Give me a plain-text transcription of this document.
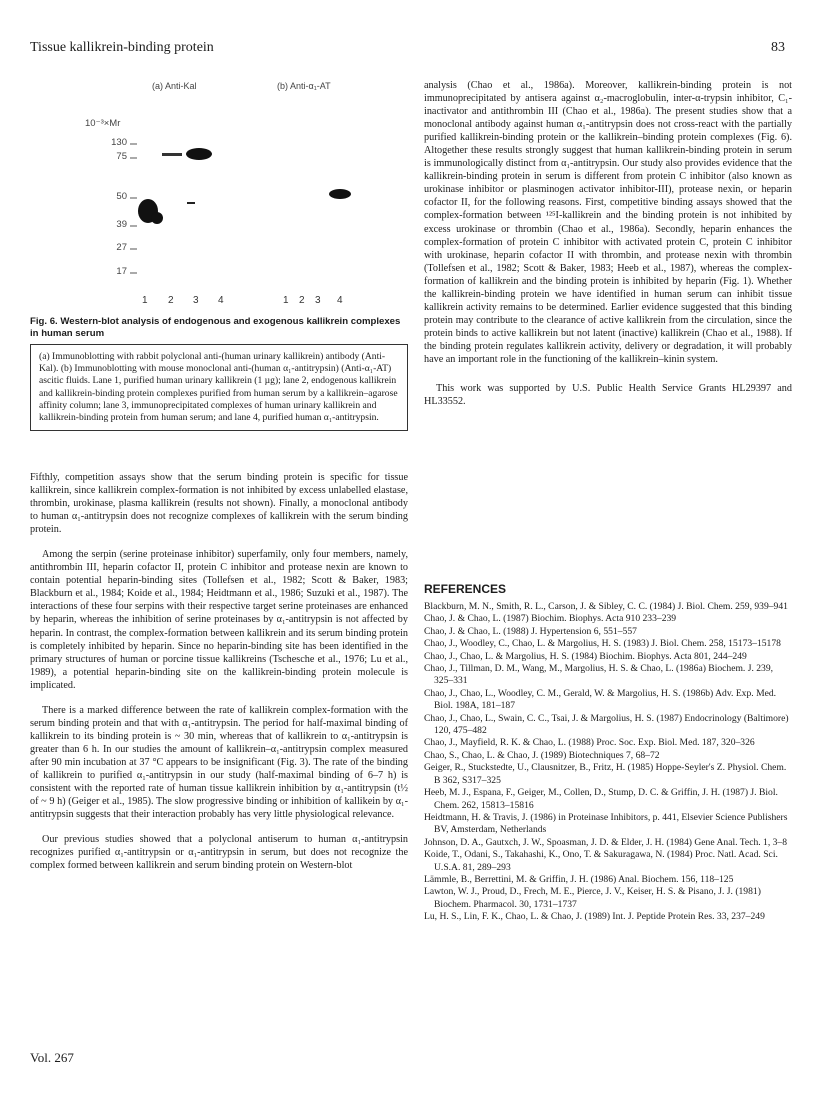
Tissue kallikrein-binding protein	83
(a) Anti-Kal	(b) Anti-α₁-AT
10⁻³×Mr
130
75
50
39
27
17
1 2 3 4	1 2 3 4
Fig. 6. Western-blot analysis of endogenous and exogenous kallikrein complexes in human serum
(a) Immunoblotting with rabbit polyclonal anti-(human urinary kallikrein) antibody (Anti-Kal). (b) Immunoblotting with mouse monoclonal anti-(human α₁-antitrypsin) (Anti-α₁-AT) ascitic fluids. Lane 1, purified human urinary kallikrein (1 µg); lane 2, endogenous kallikrein and kallikrein-binding protein complexes purified from human serum by a kallikrein–agarose affinity column; lane 3, immunoprecipitated complexes of human urinary kallikrein and kallikrein-binding protein from human serum; and lane 4, purified human α₁-antitrypsin.

Fifthly, competition assays show that the serum binding protein is specific for tissue kallikrein, since kallikrein complex-formation is not inhibited by excess unlabelled elastase, thrombin, urokinase, plasma kallikrein (results not shown). Finally, a monoclonal antibody to human α₁-antitrypsin does not recognize complexes of kallikrein with the serum binding protein.

Among the serpin (serine proteinase inhibitor) superfamily, only four members, namely, antithrombin III, heparin cofactor II, protein C inhibitor and protease nexin are known to contain potential heparin-binding sites (Tollefsen et al., 1982; Scott & Baker, 1983; Blackburn et al., 1984; Koide et al., 1984; Heidtmann et al., 1986; Suzuki et al., 1987). The interactions of these four serpins with their respective target serine proteinases are enhanced by heparin, whereas the inhibition of serine proteinases by α₁-antitrypsin is not affected by heparin. In contrast, the complex-formation between kallikrein and its serum binding protein is completely inhibited by heparin. Since no heparin-binding site has been identified in the primary structures of human or porcine tissue kallikreins (Tschesche et al., 1976; Lu et al., 1989), a potential heparin-binding site on the kallikrein-binding protein molecule is implicated.

There is a marked difference between the rate of kallikrein complex-formation with the serum binding protein and that with α₁-antitrypsin. The period for half-maximal binding of kallikrein to its binding protein is ~ 30 min, whereas that of kallikrein to α₁-antitrypsin is greater than 6 h. In our studies the amount of kallikrein–α₁-antitrypsin complex measured after 90 min incubation at 37 °C appears to be insignificant (Fig. 3). The rate of the binding of kallikrein to purified α₁-antitrypsin in our study (half-maximal binding of 6–7 h) is consistent with the reported rate of human tissue kallikrein inhibition by α₁-antitrypsin (t½ of ~ 9 h) (Geiger et al., 1985). The slow progressive binding or inhibition of kallikein by α₁-antitrypsin suggests that their interaction probably has very little physiological relevance.

Our previous studies showed that a polyclonal antiserum to human α₁-antitrypsin recognizes purified α₁-antitrypsin or α₁-antitrypsin in serum, but does not recognize the complex formed between kallikrein and serum binding protein on Western-blot

analysis (Chao et al., 1986a). Moreover, kallikrein-binding protein is not immunoprecipitated by antisera against α₂-macroglobulin, inter-α-trypsin inhibitor, C₁-inactivator and antithrombin III (Chao et al., 1986a). The present studies show that a monoclonal antibody against human α₁-antitrypsin does not cross-react with the partially purified kallikrein-binding protein or the kallikrein–binding protein complexes (Fig. 6). Altogether these results strongly suggest that human kallikrein-binding protein in serum is immunologically distinct from α₁-antitrypsin. Our study also provides evidence that the kallikrein-binding protein in serum is different from protein C inhibitor (also known as urokinase inhibitor or plasminogen activator inhibitor-III), protease nexin, or heparin cofactor II, for the following reasons. First, competitive binding assays showed that the complex-formation between ¹²⁵I-kallikrein and the binding protein is not inhibited by excess urokinase or thrombin (Chao et al., 1986a). Secondly, heparin enhances the complex-formation of protein C inhibitor with activated protein C, protein C inhibitor with urokinase, heparin cofactor II with thrombin, and protease nexin with thrombin (Tollefsen et al., 1982; Scott & Baker, 1983; Heeb et al., 1987), whereas the complex-formation of kallikrein and the binding protein is inhibited by heparin (Fig. 1). Whether the kallikrein-binding protein we have identified in human serum can inhibit tissue kallikrein activity remains to be determined. Earlier evidence suggested that this binding protein may contribute to the clearance of active kallikrein from the circulation, since the protein binds to active kallikrein but not latent (inactive) kallikrein (Chao et al., 1988). If the binding protein regulates kallikrein activity, delivery or degradation, it will probably have an important role in the functioning of the kallikrein–kinin system.

This work was supported by U.S. Public Health Service Grants HL29397 and HL33552.

REFERENCES
Blackburn, M. N., Smith, R. L., Carson, J. & Sibley, C. C. (1984) J. Biol. Chem. 259, 939–941
Chao, J. & Chao, L. (1987) Biochim. Biophys. Acta 910 233–239
Chao, J. & Chao, L. (1988) J. Hypertension 6, 551–557
Chao, J., Woodley, C., Chao, L. & Margolius, H. S. (1983) J. Biol. Chem. 258, 15173–15178
Chao, J., Chao, L. & Margolius, H. S. (1984) Biochim. Biophys. Acta 801, 244–249
Chao, J., Tillman, D. M., Wang, M., Margolius, H. S. & Chao, L. (1986a) Biochem. J. 239, 325–331
Chao, J., Chao, L., Woodley, C. M., Gerald, W. & Margolius, H. S. (1986b) Adv. Exp. Med. Biol. 198A, 181–187
Chao, J., Chao, L., Swain, C. C., Tsai, J. & Margolius, H. S. (1987) Endocrinology (Baltimore) 120, 475–482
Chao, J., Mayfield, R. K. & Chao, L. (1988) Proc. Soc. Exp. Biol. Med. 187, 320–326
Chao, S., Chao, L. & Chao, J. (1989) Biotechniques 7, 68–72
Geiger, R., Stuckstedte, U., Clausnitzer, B., Fritz, H. (1985) Hoppe-Seyler's Z. Physiol. Chem. B 362, S317–325
Heeb, M. J., Espana, F., Geiger, M., Collen, D., Stump, D. C. & Griffin, J. H. (1987) J. Biol. Chem. 262, 15813–15816
Heidtmann, H. & Travis, J. (1986) in Proteinase Inhibitors, p. 441, Elsevier Science Publishers BV, Amsterdam, Netherlands
Johnson, D. A., Gautxch, J. W., Spoasman, J. D. & Elder, J. H. (1984) Gene Anal. Tech. 1, 3–8
Koide, T., Odani, S., Takahashi, K., Ono, T. & Sakuragawa, N. (1984) Proc. Natl. Acad. Sci. U.S.A. 81, 289–293
Lämmle, B., Berrettini, M. & Griffin, J. H. (1986) Anal. Biochem. 156, 118–125
Lawton, W. J., Proud, D., Frech, M. E., Pierce, J. V., Keiser, H. S. & Pisano, J. J. (1981) Biochem. Pharmacol. 30, 1731–1737
Lu, H. S., Lin, F. K., Chao, L. & Chao, J. (1989) Int. J. Peptide Protein Res. 33, 237–249
Vol. 267
